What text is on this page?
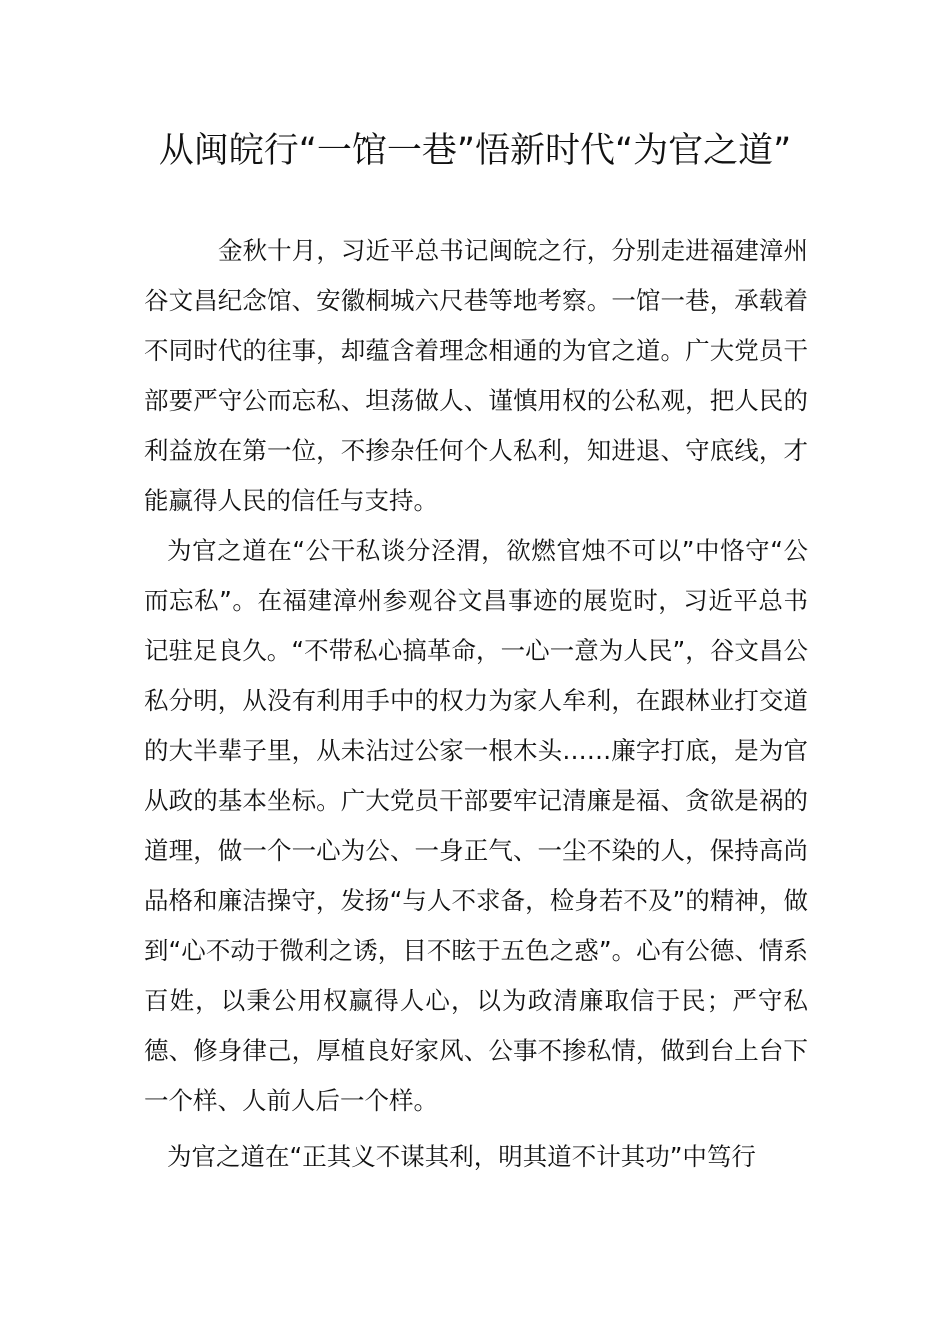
从闽皖行“一馆一巷”悟新时代“为官之道”

金秋十月，习近平总书记闽皖之行，分别走进福建漳州谷文昌纪念馆、安徽桐城六尺巷等地考察。一馆一巷，承载着不同时代的往事，却蕴含着理念相通的为官之道。广大党员干部要严守公而忘私、坦荡做人、谨慎用权的公私观，把人民的利益放在第一位，不掺杂任何个人私利，知进退、守底线，才能赢得人民的信任与支持。

为官之道在“公干私谈分泾渭，欲燃官烛不可以”中恪守“公而忘私”。在福建漳州参观谷文昌事迹的展览时，习近平总书记驻足良久。“不带私心搞革命，一心一意为人民”，谷文昌公私分明，从没有利用手中的权力为家人牟利，在跟林业打交道的大半辈子里，从未沾过公家一根木头……廉字打底，是为官从政的基本坐标。广大党员干部要牢记清廉是福、贪欲是祸的道理，做一个一心为公、一身正气、一尘不染的人，保持高尚品格和廉洁操守，发扬“与人不求备，检身若不及”的精神，做到“心不动于微利之诱，目不眩于五色之惑”。心有公德、情系百姓，以秉公用权赢得人心，以为政清廉取信于民；严守私德、修身律己，厚植良好家风、公事不掺私情，做到台上台下一个样、人前人后一个样。

为官之道在“正其义不谋其利，明其道不计其功”中笃行
